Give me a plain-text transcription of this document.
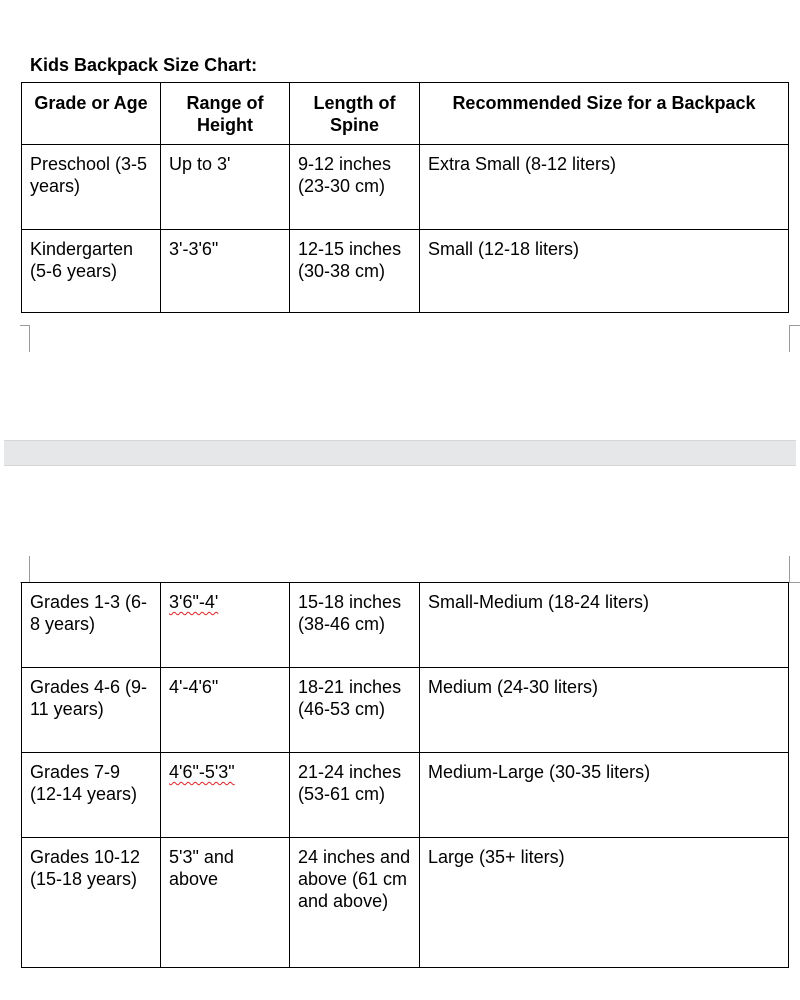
Kids Backpack Size Chart:
Grade or Age	Range of Height	Length of Spine	Recommended Size for a Backpack
Preschool (3-5 years)	Up to 3'	9-12 inches (23-30 cm)	Extra Small (8-12 liters)
Kindergarten (5-6 years)	3'-3'6"	12-15 inches (30-38 cm)	Small (12-18 liters)
Grades 1-3 (6-8 years)	3'6"-4'	15-18 inches (38-46 cm)	Small-Medium (18-24 liters)
Grades 4-6 (9-11 years)	4'-4'6"	18-21 inches (46-53 cm)	Medium (24-30 liters)
Grades 7-9 (12-14 years)	4'6"-5'3"	21-24 inches (53-61 cm)	Medium-Large (30-35 liters)
Grades 10-12 (15-18 years)	5'3" and above	24 inches and above (61 cm and above)	Large (35+ liters)
